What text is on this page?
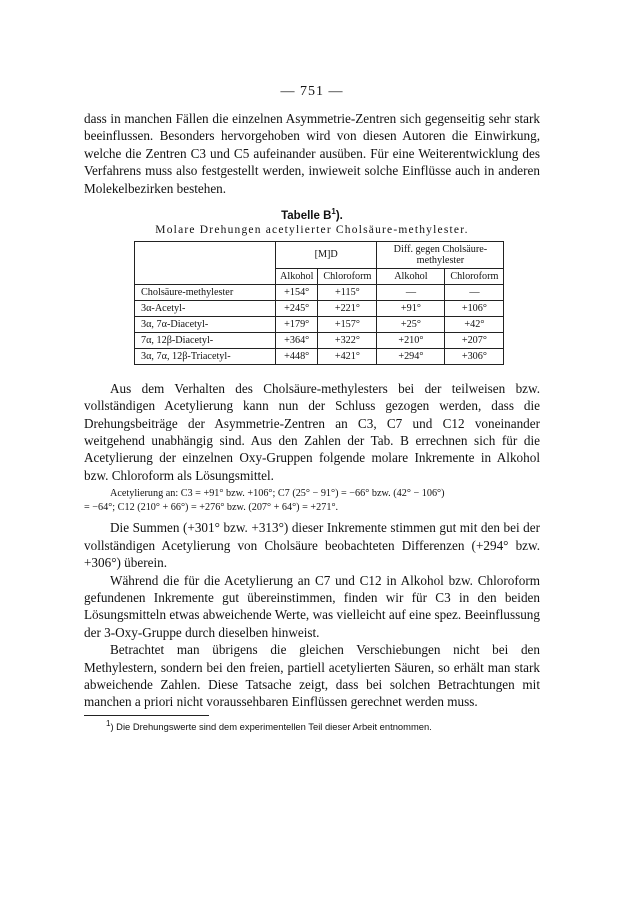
— 751 —

dass in manchen Fällen die einzelnen Asymmetrie-Zentren sich gegenseitig sehr stark beeinflussen. Besonders hervorgehoben wird von diesen Autoren die Einwirkung, welche die Zentren C3 und C5 aufeinander ausüben. Für eine Weiterentwicklung des Verfahrens muss also festgestellt werden, inwieweit solche Einflüsse auch in anderen Molekelbezirken bestehen.

Tabelle $B^1$).
Molare Drehungen acetylierter Cholsäure-methylester.
	[M]D		Diff. gegen Cholsäure-methylester	
	Alkohol	Chloroform	Alkohol	Chloroform
Cholsäure-methylester	+154°	+115°	—	—
3α-Acetyl-	+245°	+221°	+91°	+106°
3α, 7α-Diacetyl-	+179°	+157°	+25°	+42°
7α, 12β-Diacetyl-	+364°	+322°	+210°	+207°
3α, 7α, 12β-Triacetyl-	+448°	+421°	+294°	+306°

Aus dem Verhalten des Cholsäure-methylesters bei der teilweisen bzw. vollständigen Acetylierung kann nun der Schluss gezogen werden, dass die Drehungsbeiträge der Asymmetrie-Zentren an C3, C7 und C12 voneinander weitgehend unabhängig sind. Aus den Zahlen der Tab. B errechnen sich für die Acetylierung der einzelnen Oxy-Gruppen folgende molare Inkremente in Alkohol bzw. Chloroform als Lösungsmittel.

Acetylierung an: C3 = +91° bzw. +106°; C7 (25° − 91°) = −66° bzw. (42° − 106°)
= −64°; C12 (210° + 66°) = +276° bzw. (207° + 64°) = +271°.

Die Summen (+301° bzw. +313°) dieser Inkremente stimmen gut mit den bei der vollständigen Acetylierung von Cholsäure beobachteten Differenzen (+294° bzw. +306°) überein.

Während die für die Acetylierung an C7 und C12 in Alkohol bzw. Chloroform gefundenen Inkremente gut übereinstimmen, finden wir für C3 in den beiden Lösungsmitteln etwas abweichende Werte, was vielleicht auf eine spez. Beeinflussung der 3-Oxy-Gruppe durch dieselben hinweist.

Betrachtet man übrigens die gleichen Verschiebungen nicht bei den Methylestern, sondern bei den freien, partiell acetylierten Säuren, so erhält man stark abweichende Zahlen. Diese Tatsache zeigt, dass bei solchen Betrachtungen mit manchen a priori nicht voraussehbaren Einflüssen gerechnet werden muss.

$^1$) Die Drehungswerte sind dem experimentellen Teil dieser Arbeit entnommen.
